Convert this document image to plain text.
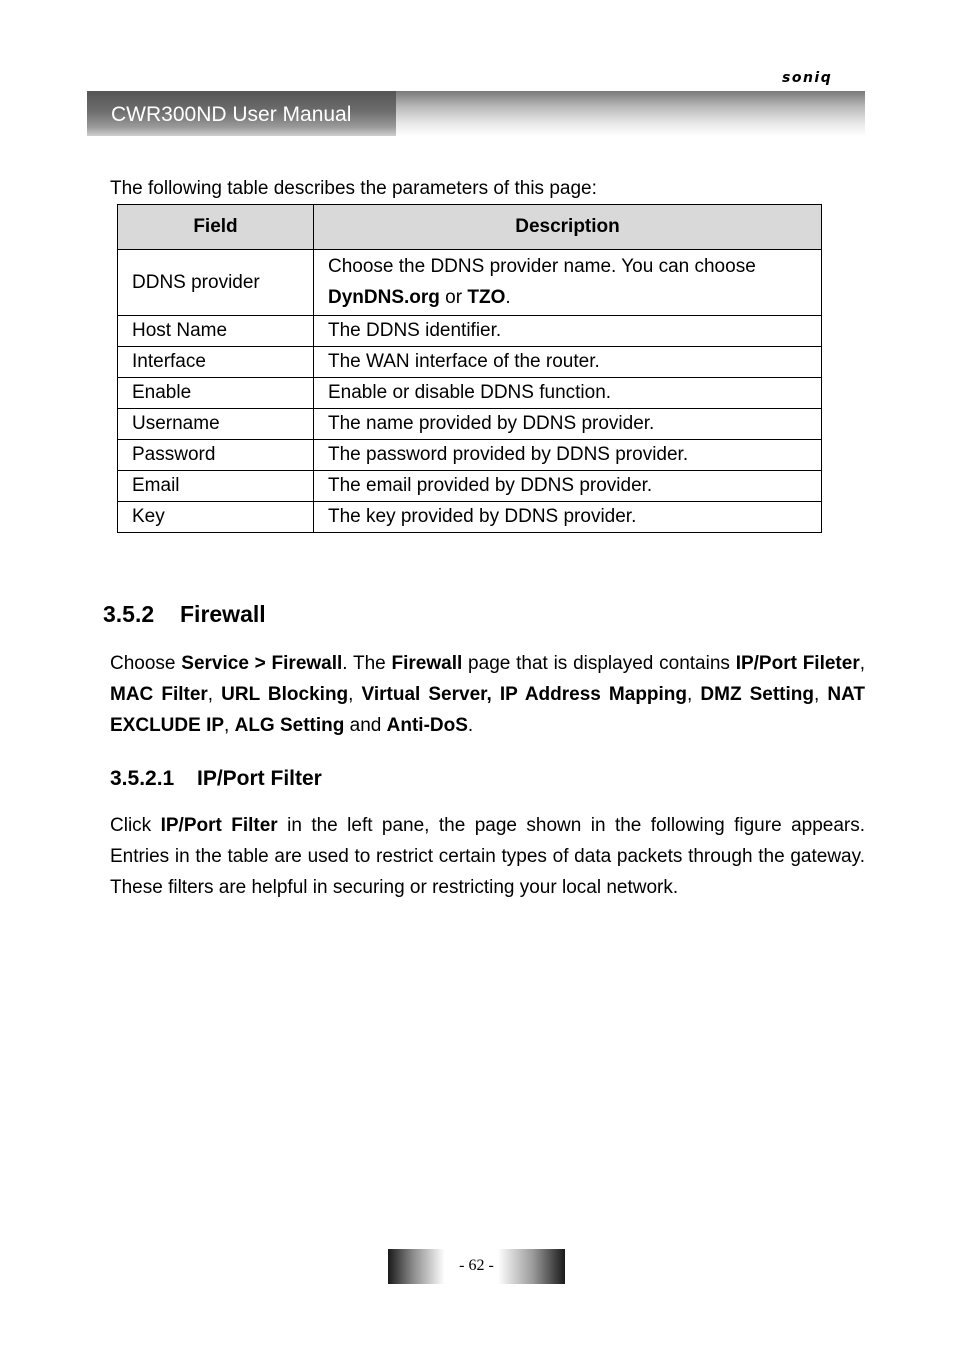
soniq
CWR300ND User Manual
The following table describes the parameters of this page:
Field	Description
DDNS provider	Choose the DDNS provider name. You can choose DynDNS.org or TZO.
Host Name	The DDNS identifier.
Interface	The WAN interface of the router.
Enable	Enable or disable DDNS function.
Username	The name provided by DDNS provider.
Password	The password provided by DDNS provider.
Email	The email provided by DDNS provider.
Key	The key provided by DDNS provider.
3.5.2 Firewall

Choose Service > Firewall. The Firewall page that is displayed contains IP/Port Fileter, MAC Filter, URL Blocking, Virtual Server, IP Address Mapping, DMZ Setting, NAT EXCLUDE IP, ALG Setting and Anti-DoS.

3.5.2.1 IP/Port Filter

Click IP/Port Filter in the left pane, the page shown in the following figure appears. Entries in the table are used to restrict certain types of data packets through the gateway. These filters are helpful in securing or restricting your local network.

- 62 -
